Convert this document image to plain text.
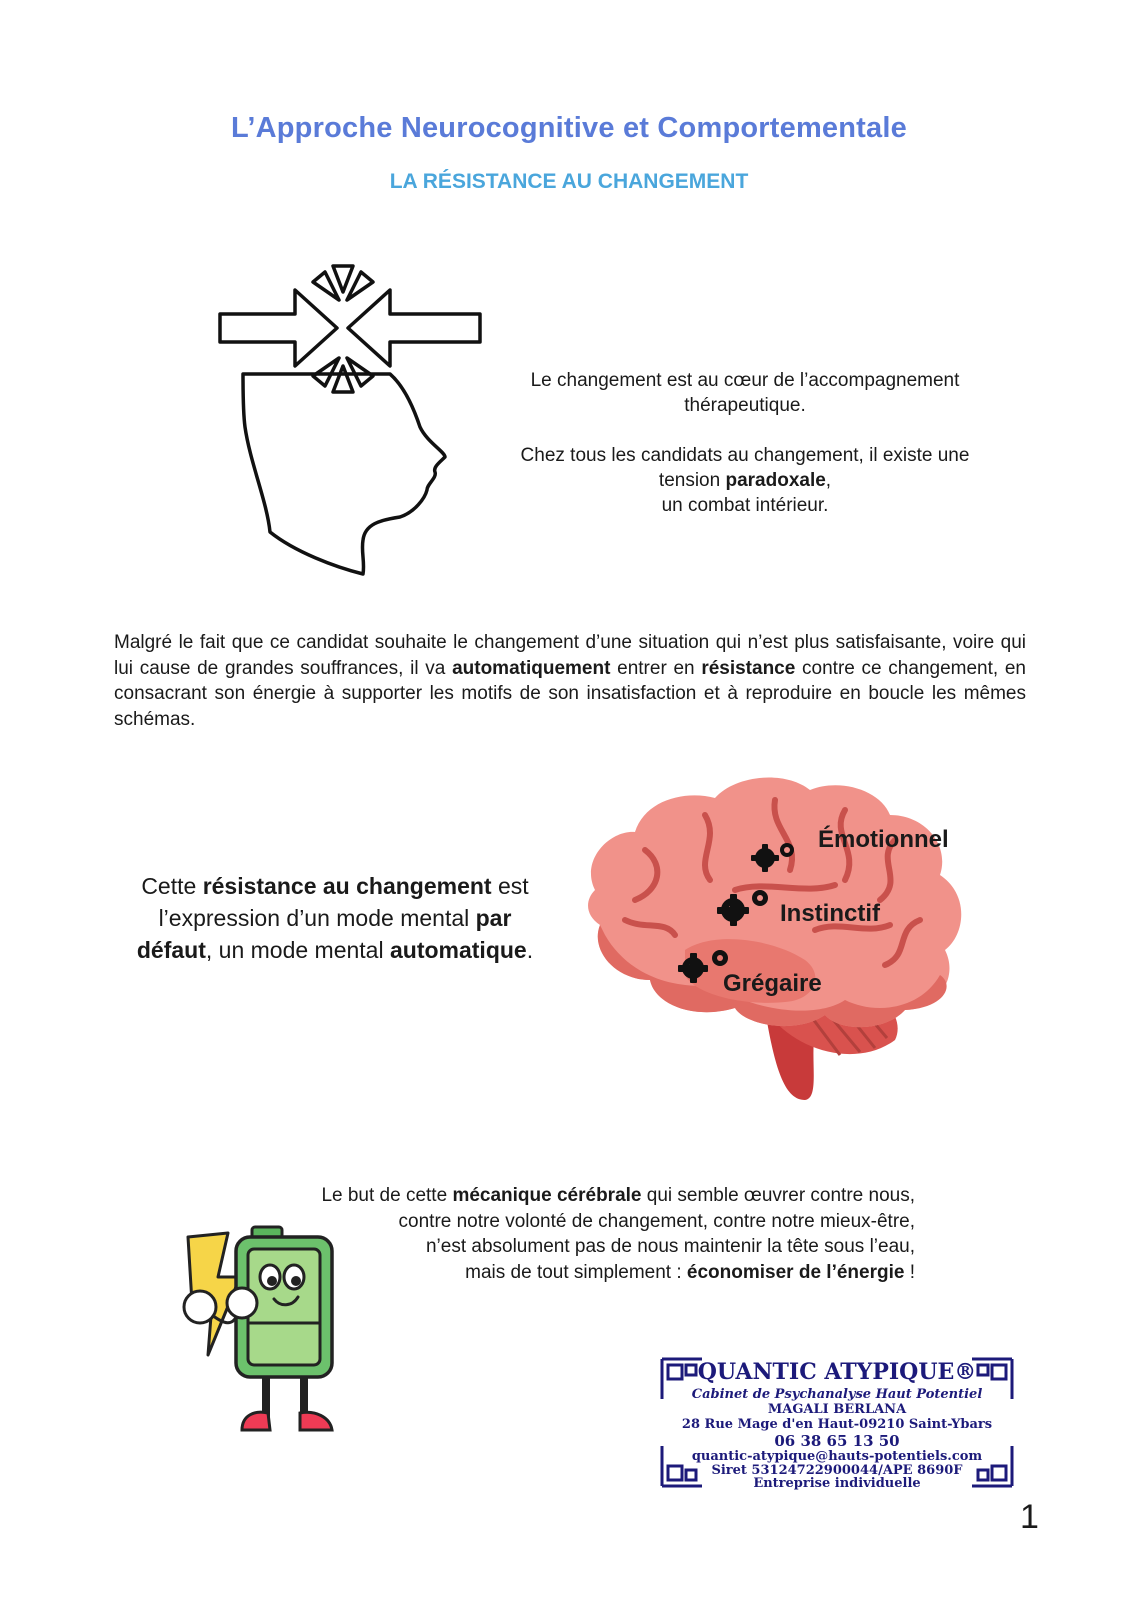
L’Approche Neurocognitive et Comportementale
LA RÉSISTANCE AU CHANGEMENT

Le changement est au cœur de l’accompagnement

thérapeutique.

Chez tous les candidats au changement, il existe une

tension paradoxale,

un combat intérieur.

Malgré le fait que ce candidat souhaite le changement d’une situation qui n’est plus satisfaisante, voire qui lui cause de grandes souffrances, il va automatiquement entrer en résistance contre ce changement, en consacrant son énergie à supporter les motifs de son insatisfaction et à reproduire en boucle les mêmes schémas.
Cette résistance au changement est l’expression d’un mode mental par défaut, un mode mental automatique.
Émotionnel
Instinctif
Grégaire

Le but de cette mécanique cérébrale qui semble œuvrer contre nous,

contre notre volonté de changement, contre notre mieux-être,

n’est absolument pas de nous maintenir la tête sous l’eau,

mais de tout simplement : économiser de l’énergie !

QUANTIC ATYPIQUE®
Cabinet de Psychanalyse Haut Potentiel
MAGALI BERLANA
28 Rue Mage d'en Haut-09210 Saint-Ybars
06 38 65 13 50
quantic-atypique@hauts-potentiels.com
Siret 53124722900044/APE 8690F
Entreprise individuelle
1
